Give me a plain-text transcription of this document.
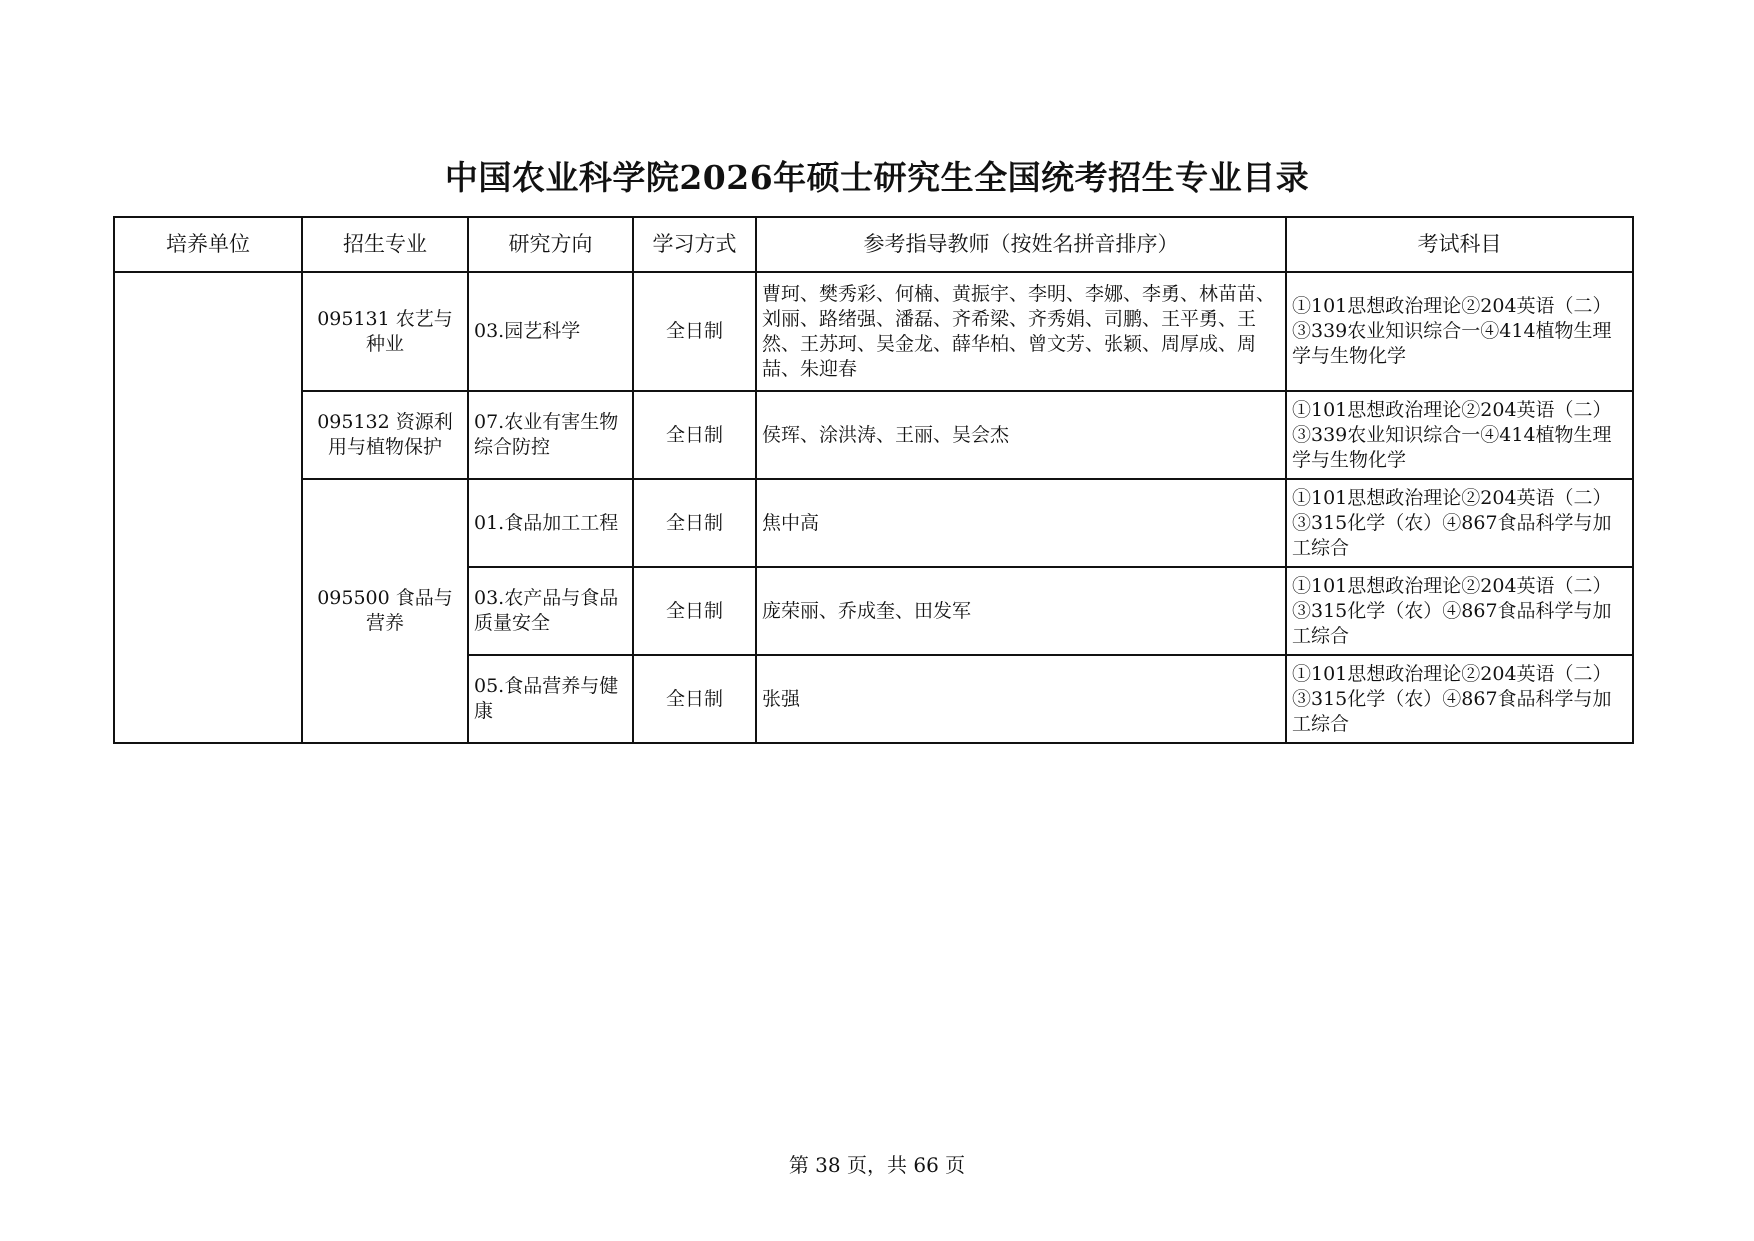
中国农业科学院2026年硕士研究生全国统考招生专业目录
培养单位	招生专业	研究方向	学习方式	参考指导教师（按姓名拼音排序）	考试科目
	095131 农艺与种业	03.园艺科学	全日制	曹珂、樊秀彩、何楠、黄振宇、李明、李娜、李勇、林苗苗、刘丽、路绪强、潘磊、齐希梁、齐秀娟、司鹏、王平勇、王然、王苏珂、吴金龙、薛华柏、曾文芳、张颖、周厚成、周喆、朱迎春	①101思想政治理论②204英语（二）③339农业知识综合一④414植物生理学与生物化学
	095132 资源利用与植物保护	07.农业有害生物综合防控	全日制	侯珲、涂洪涛、王丽、吴会杰	①101思想政治理论②204英语（二）③339农业知识综合一④414植物生理学与生物化学
	095500 食品与营养	01.食品加工工程	全日制	焦中高	①101思想政治理论②204英语（二）③315化学（农）④867食品科学与加工综合
		03.农产品与食品质量安全	全日制	庞荣丽、乔成奎、田发军	①101思想政治理论②204英语（二）③315化学（农）④867食品科学与加工综合
		05.食品营养与健康	全日制	张强	①101思想政治理论②204英语（二）③315化学（农）④867食品科学与加工综合
第 38 页，共 66 页
